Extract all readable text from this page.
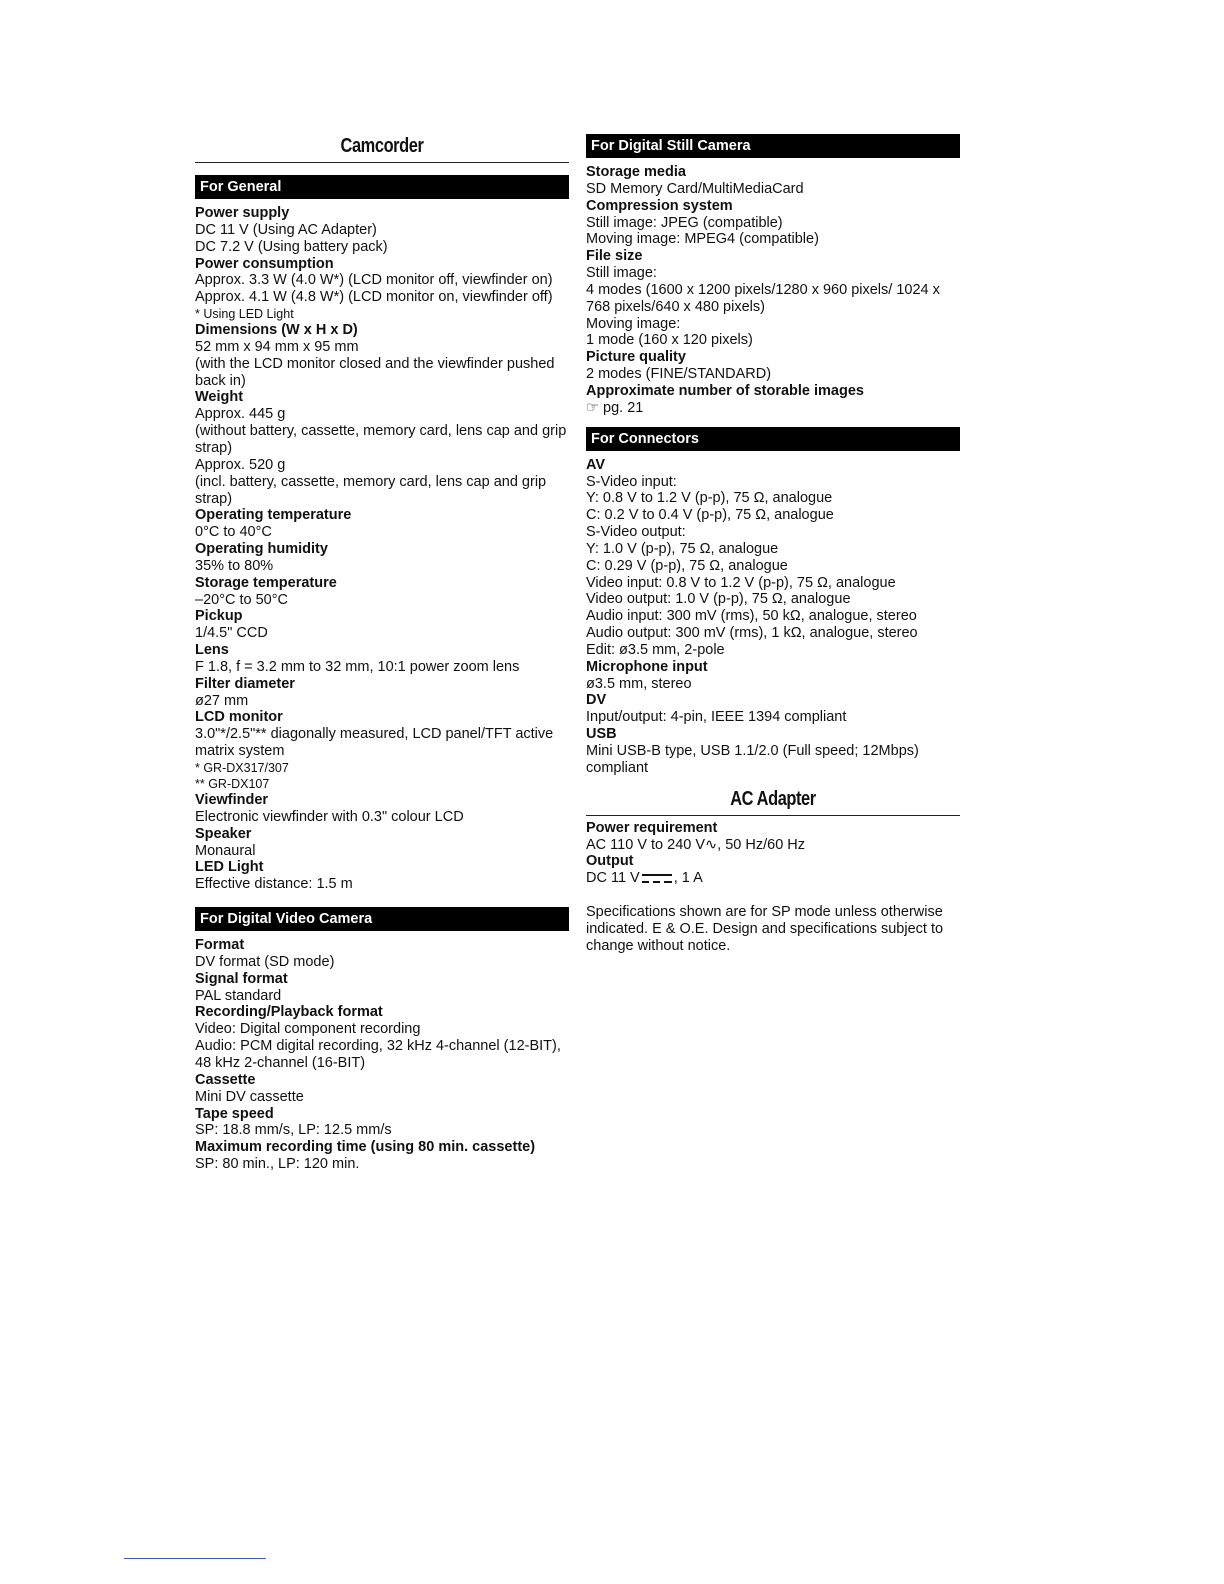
Camcorder
For General
Power supply
DC 11 V (Using AC Adapter)
DC 7.2 V (Using battery pack)
Power consumption
Approx. 3.3 W (4.0 W*) (LCD monitor off, viewfinder on)
Approx. 4.1 W (4.8 W*) (LCD monitor on, viewfinder off)
* Using LED Light
Dimensions (W x H x D)
52 mm x 94 mm x 95 mm
(with the LCD monitor closed and the viewfinder pushed back in)
Weight
Approx. 445 g
(without battery, cassette, memory card, lens cap and grip strap)
Approx. 520 g
(incl. battery, cassette, memory card, lens cap and grip strap)
Operating temperature
0°C to 40°C
Operating humidity
35% to 80%
Storage temperature
–20°C to 50°C
Pickup
1/4.5" CCD
Lens
F 1.8, f = 3.2 mm to 32 mm, 10:1 power zoom lens
Filter diameter
ø27 mm
LCD monitor
3.0"*/2.5"** diagonally measured, LCD panel/TFT active matrix system
* GR-DX317/307
** GR-DX107
Viewfinder
Electronic viewfinder with 0.3" colour LCD
Speaker
Monaural
LED Light
Effective distance: 1.5 m
For Digital Video Camera
Format
DV format (SD mode)
Signal format
PAL standard
Recording/Playback format
Video: Digital component recording
Audio: PCM digital recording, 32 kHz 4-channel (12-BIT), 48 kHz 2-channel (16-BIT)
Cassette
Mini DV cassette
Tape speed
SP: 18.8 mm/s, LP: 12.5 mm/s
Maximum recording time (using 80 min. cassette)
SP: 80 min., LP: 120 min.
For Digital Still Camera
Storage media
SD Memory Card/MultiMediaCard
Compression system
Still image: JPEG (compatible)
Moving image: MPEG4 (compatible)
File size
Still image:
4 modes (1600 x 1200 pixels/1280 x 960 pixels/ 1024 x 768 pixels/640 x 480 pixels)
Moving image:
1 mode (160 x 120 pixels)
Picture quality
2 modes (FINE/STANDARD)
Approximate number of storable images
☞ pg. 21
For Connectors
AV
S-Video input:
Y: 0.8 V to 1.2 V (p-p), 75 Ω, analogue
C: 0.2 V to 0.4 V (p-p), 75 Ω, analogue
S-Video output:
Y: 1.0 V (p-p), 75 Ω, analogue
C: 0.29 V (p-p), 75 Ω, analogue
Video input: 0.8 V to 1.2 V (p-p), 75 Ω, analogue
Video output: 1.0 V (p-p), 75 Ω, analogue
Audio input: 300 mV (rms), 50 kΩ, analogue, stereo
Audio output: 300 mV (rms), 1 kΩ, analogue, stereo
Edit: ø3.5 mm, 2-pole
Microphone input
ø3.5 mm, stereo
DV
Input/output: 4-pin, IEEE 1394 compliant
USB
Mini USB-B type, USB 1.1/2.0 (Full speed; 12Mbps) compliant
AC Adapter
Power requirement
AC 110 V to 240 V∿, 50 Hz/60 Hz
Output
DC 11 V , 1 A
Specifications shown are for SP mode unless otherwise indicated. E & O.E. Design and specifications subject to change without notice.
